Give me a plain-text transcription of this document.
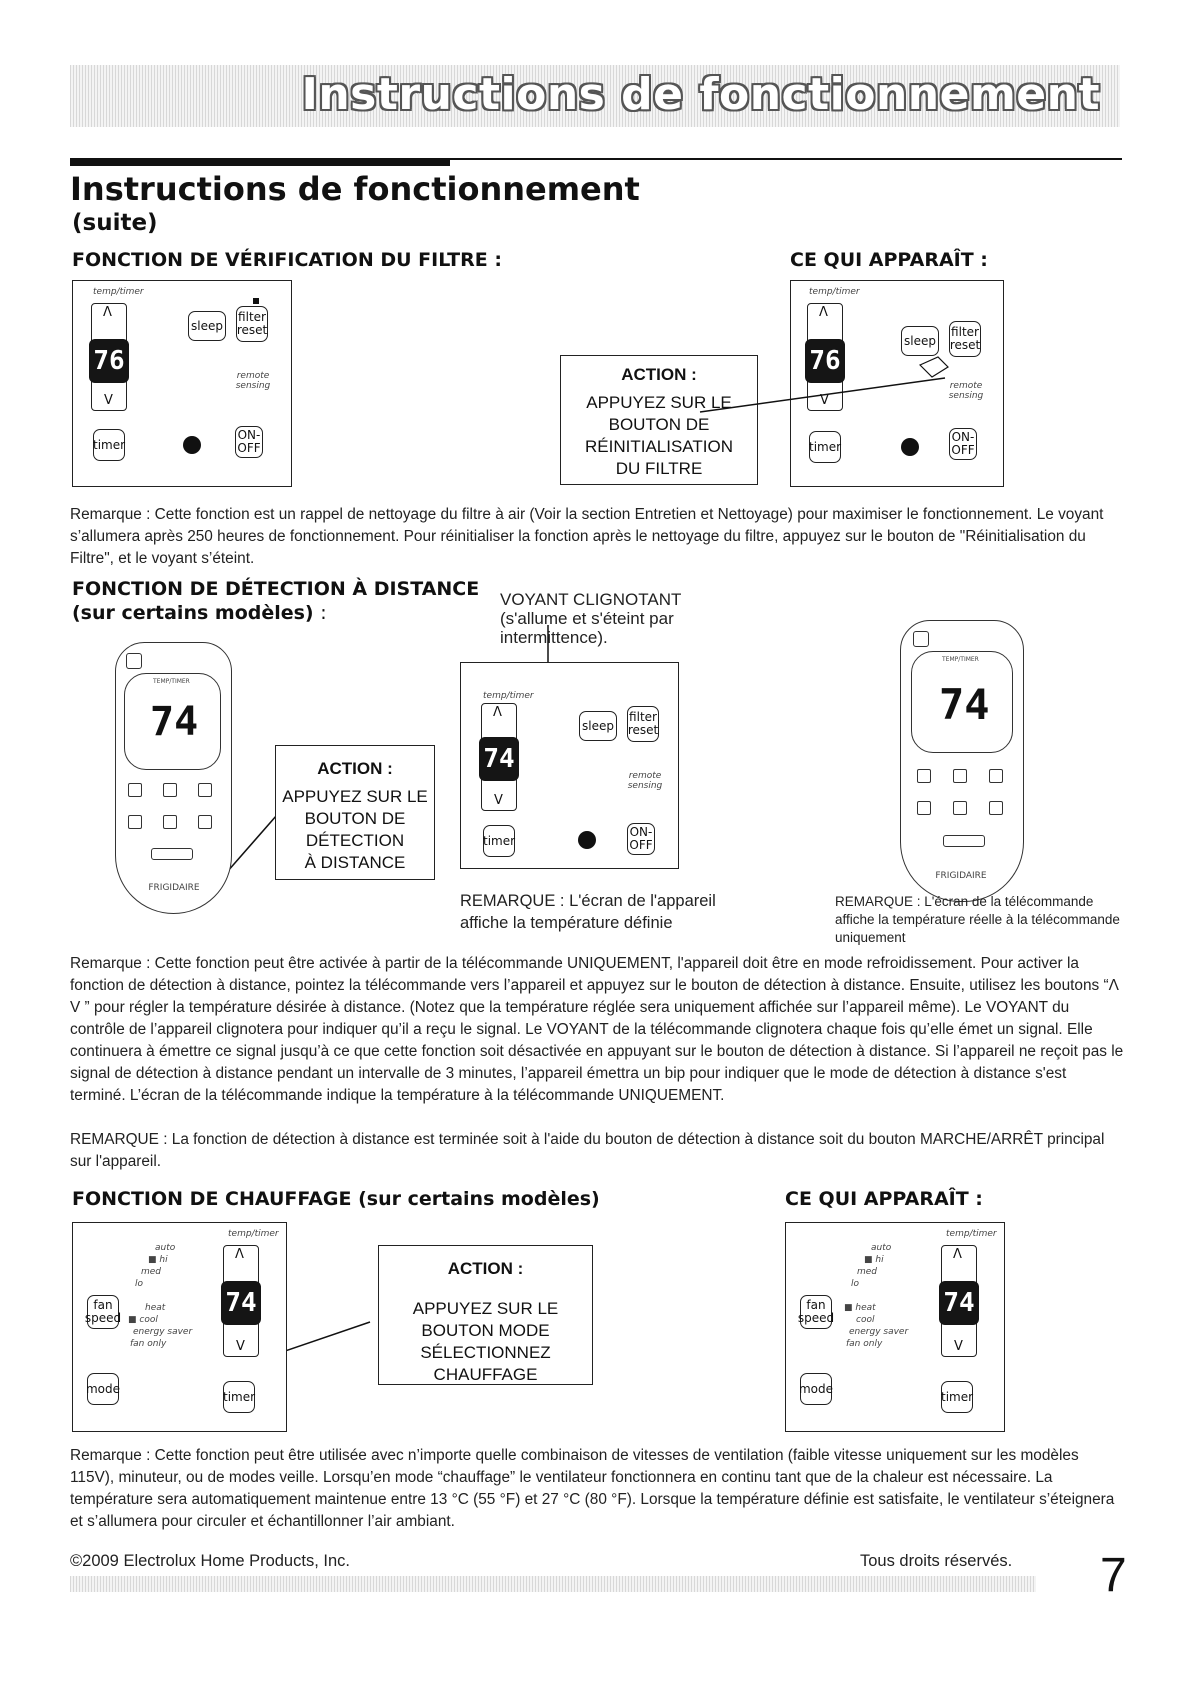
Instructions de fonctionnement
Instructions de fonctionnement
(suite)
FONCTION DE VÉRIFICATION DU FILTRE :	CE QUI APPARAÎT :
temp/timer
Λ
V
76
sleep
filter reset
remote sensing
timer
ON- OFF
ACTION :
APPUYEZ SUR LE
BOUTON DE
RÉINITIALISATION
DU FILTRE
temp/timer
Λ
V
76
sleep
filter reset
remote sensing
timer
ON- OFF
Remarque : Cette fonction est un rappel de nettoyage du filtre à air (Voir la section Entretien et Nettoyage) pour maximiser le fonctionnement. Le voyant s’allumera après 250 heures de fonctionnement. Pour réinitialiser la fonction après le nettoyage du filtre, appuyez sur le bouton de "Réinitialisation du Filtre", et le voyant s’éteint.
FONCTION DE DÉTECTION À DISTANCE
(sur certains modèles) :
VOYANT CLIGNOTANT
(s'allume et s'éteint par intermittence).
TEMP/TIMER
74
FRIGIDAIRE
ACTION :
APPUYEZ SUR LE
BOUTON DE
DÉTECTION
À DISTANCE
temp/timer
Λ
V
74
sleep
filter reset
remote sensing
timer
ON- OFF
TEMP/TIMER
74
FRIGIDAIRE
REMARQUE : L'écran de l'appareil affiche la température définie
REMARQUE : L'écran de la télécommande affiche la température réelle à la télécommande uniquement
Remarque : Cette fonction peut être activée à partir de la télécommande UNIQUEMENT, l'appareil doit être en mode refroidissement. Pour activer la fonction de détection à distance, pointez la télécommande vers l’appareil et appuyez sur le bouton de détection à distance. Ensuite, utilisez les boutons “Λ V ” pour régler la température désirée à distance. (Notez que la température réglée sera uniquement affichée sur l’appareil même). Le VOYANT du contrôle de l’appareil clignotera pour indiquer qu’il a reçu le signal. Le VOYANT de la télécommande clignotera chaque fois qu’elle émet un signal. Elle continuera à émettre ce signal jusqu’à ce que cette fonction soit désactivée en appuyant sur le bouton de détection à distance. Si l’appareil ne reçoit pas le signal de détection à distance pendant un intervalle de 3 minutes, l’appareil émettra un bip pour indiquer que le mode de détection à distance s'est terminé. L’écran de la télécommande indique la température à la télécommande UNIQUEMENT.
REMARQUE : La fonction de détection à distance est terminée soit à l'aide du bouton de détection à distance soit du bouton MARCHE/ARRÊT principal sur l'appareil.
FONCTION DE CHAUFFAGE (sur certains modèles)	CE QUI APPARAÎT :
temp/timer
Λ
V
74
auto
■ hi
med
lo
fan speed
heat
■ cool
energy saver
fan only
mode
timer
ACTION :
APPUYEZ SUR LE
BOUTON MODE
SÉLECTIONNEZ
CHAUFFAGE
temp/timer
Λ
V
74
auto
■ hi
med
lo
fan speed
■ heat
cool
energy saver
fan only
mode
timer
Remarque : Cette fonction peut être utilisée avec n’importe quelle combinaison de vitesses de ventilation (faible vitesse uniquement sur les modèles 115V), minuteur, ou de modes veille. Lorsqu’en mode “chauffage” le ventilateur fonctionnera en continu tant que de la chaleur est nécessaire. La température sera automatiquement maintenue entre 13 °C (55 °F) et 27 °C (80 °F). Lorsque la température définie est satisfaite, le ventilateur s’éteignera et s’allumera pour circuler et échantillonner l’air ambiant.
©2009 Electrolux Home Products, Inc.	Tous droits réservés. 7
